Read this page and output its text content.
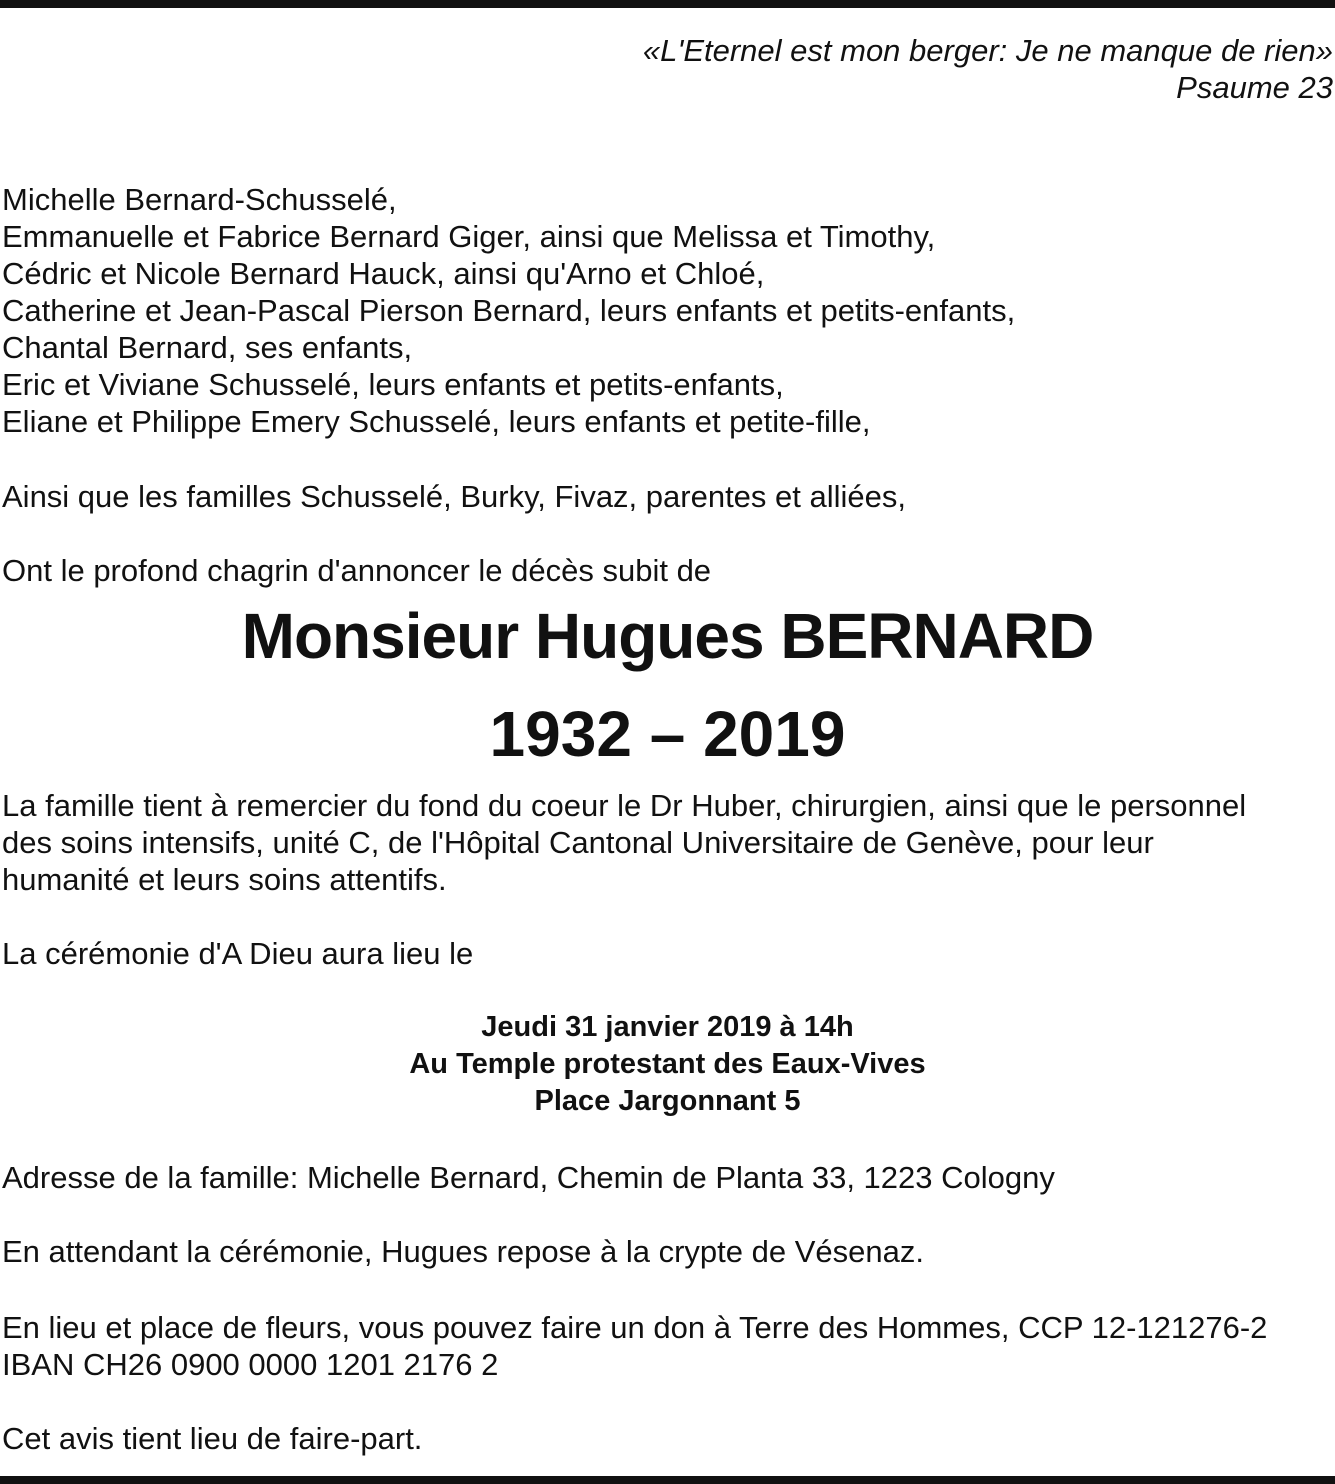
«L'Eternel est mon berger: Je ne manque de rien»
Psaume 23
Michelle Bernard-Schusselé,
Emmanuelle et Fabrice Bernard Giger, ainsi que Melissa et Timothy,
Cédric et Nicole Bernard Hauck, ainsi qu'Arno et Chloé,
Catherine et Jean-Pascal Pierson Bernard, leurs enfants et petits-enfants,
Chantal Bernard, ses enfants,
Eric et Viviane Schusselé, leurs enfants et petits-enfants,
Eliane et Philippe Emery Schusselé, leurs enfants et petite-fille,
Ainsi que les familles Schusselé, Burky, Fivaz, parentes et alliées,
Ont le profond chagrin d'annoncer le décès subit de
Monsieur Hugues BERNARD
1932 – 2019
La famille tient à remercier du fond du coeur le Dr Huber, chirurgien, ainsi que le personnel
des soins intensifs, unité C, de l'Hôpital Cantonal Universitaire de Genève, pour leur
humanité et leurs soins attentifs.
La cérémonie d'A Dieu aura lieu le
Jeudi 31 janvier 2019 à 14h
Au Temple protestant des Eaux-Vives
Place Jargonnant 5
Adresse de la famille: Michelle Bernard, Chemin de Planta 33, 1223 Cologny
En attendant la cérémonie, Hugues repose à la crypte de Vésenaz.
En lieu et place de fleurs, vous pouvez faire un don à Terre des Hommes, CCP 12-121276-2
IBAN CH26 0900 0000 1201 2176 2
Cet avis tient lieu de faire-part.
